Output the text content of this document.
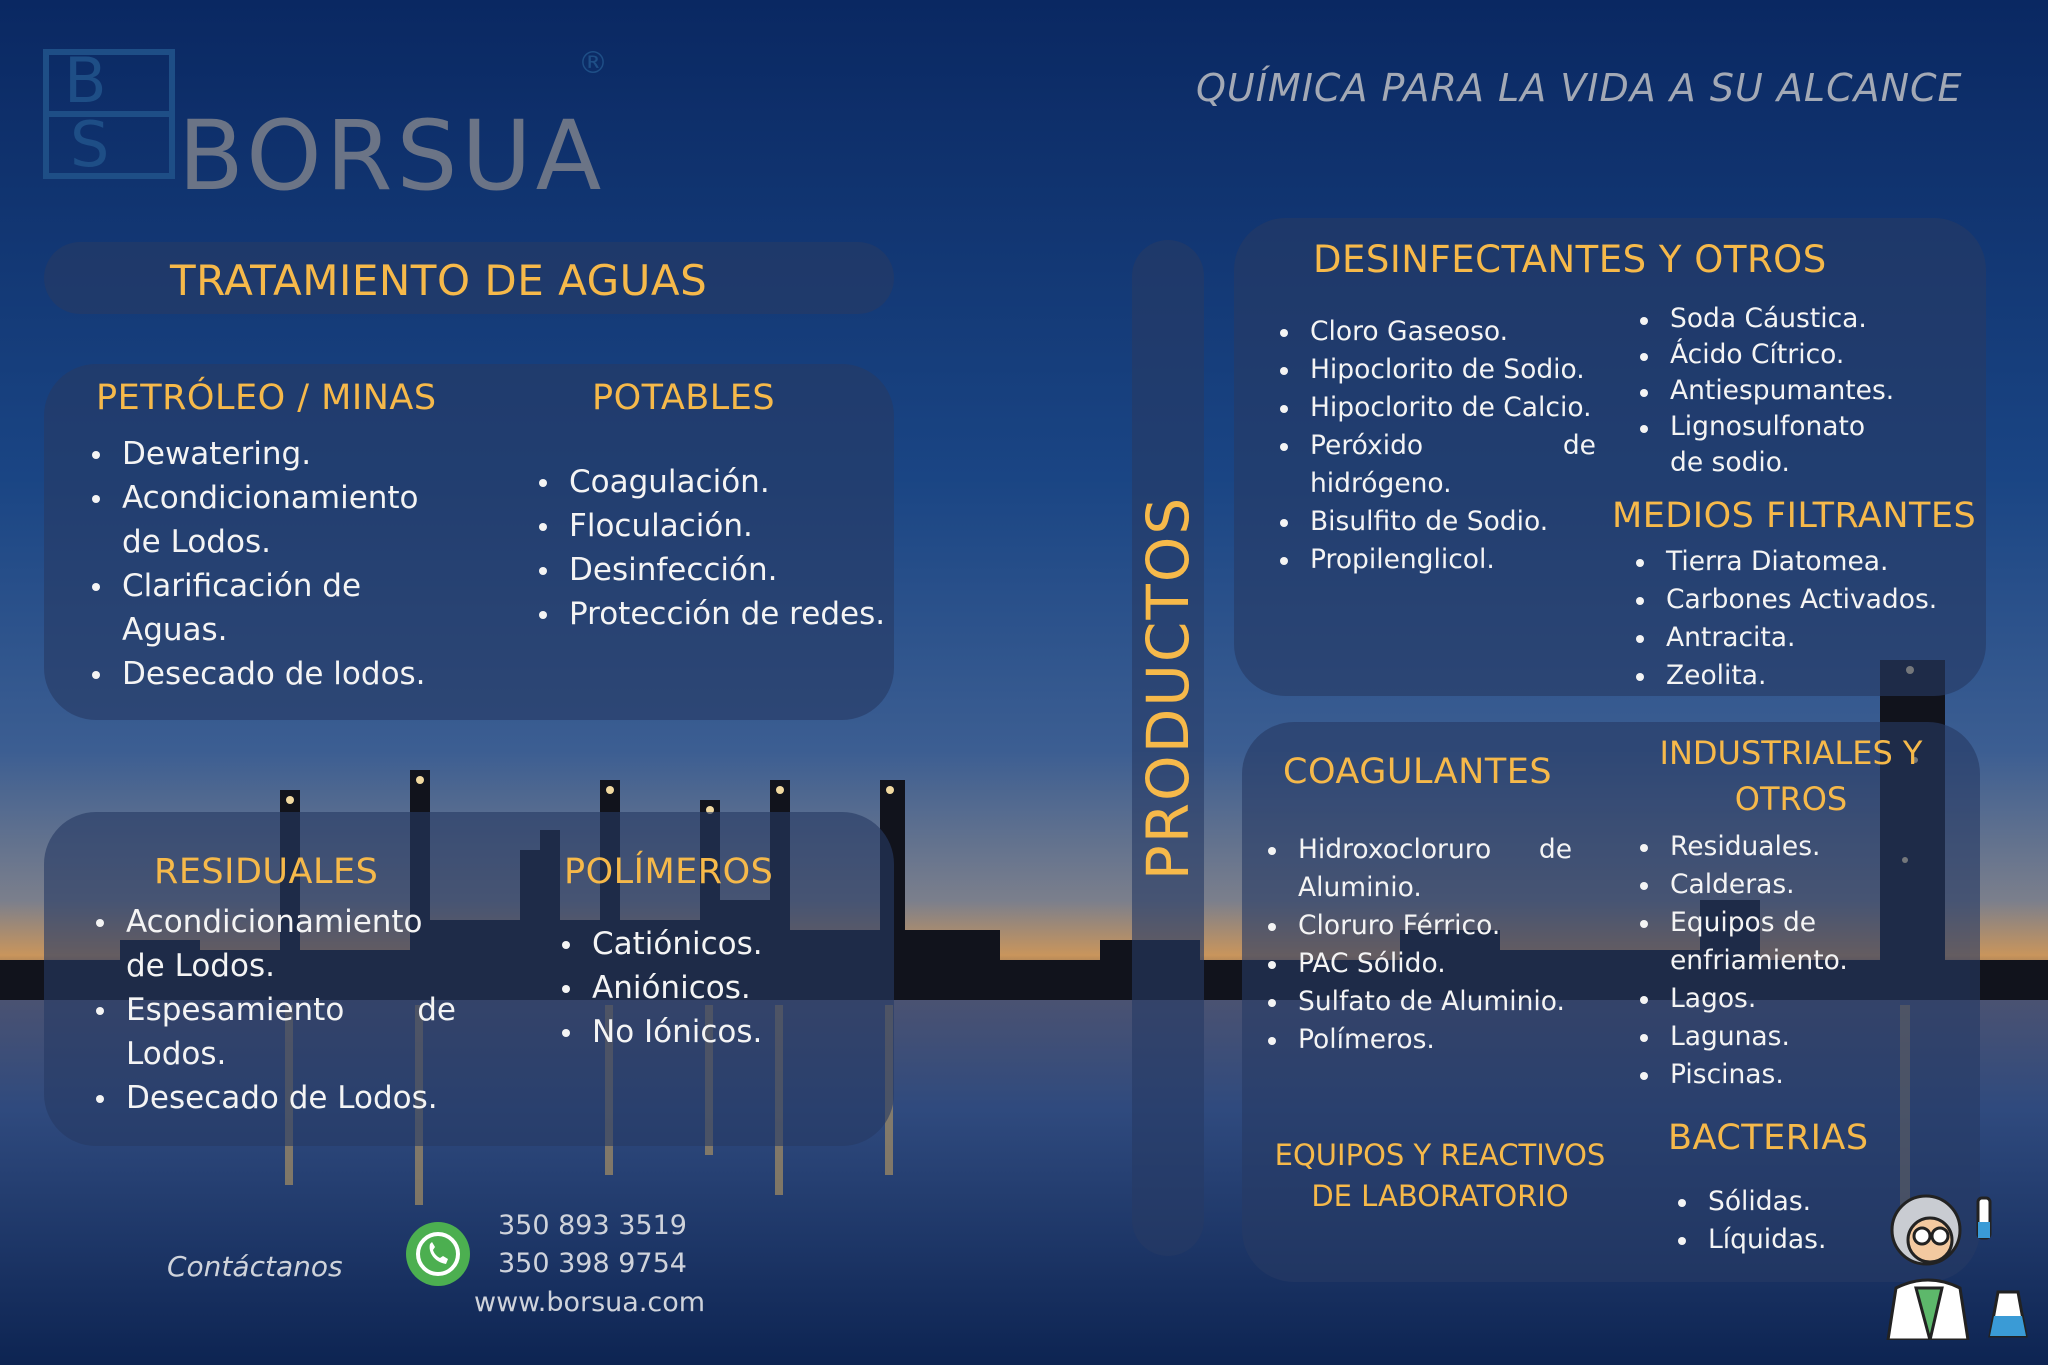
B
S BORSUA
®
QUÍMICA PARA LA VIDA A SU ALCANCE
TRATAMIENTO DE AGUAS
PETRÓLEO / MINAS
Dewatering.
Acondicionamiento de Lodos.
Clarificación de Aguas.
Desecado de lodos.
POTABLES
Coagulación.
Floculación.
Desinfección.
Protección de redes.
RESIDUALES
Acondicionamiento de Lodos.
Espesamiento de Lodos.
Desecado de Lodos.
POLÍMEROS
Catiónicos.
Aniónicos.
No Iónicos.
PRODUCTOS
DESINFECTANTES Y OTROS
Cloro Gaseoso.
Hipoclorito de Sodio.
Hipoclorito de Calcio.
Peróxido de hidrógeno.
Bisulfito de Sodio.
Propilenglicol.
Soda Cáustica.
Ácido Cítrico.
Antiespumantes.
Lignosulfonato de sodio.
MEDIOS FILTRANTES
Tierra Diatomea.
Carbones Activados.
Antracita.
Zeolita.
COAGULANTES
Hidroxocloruro de Aluminio.
Cloruro Férrico.
PAC Sólido.
Sulfato de Aluminio.
Polímeros.
INDUSTRIALES Y OTROS
Residuales.
Calderas.
Equipos de enfriamiento.
Lagos.
Lagunas.
Piscinas.
EQUIPOS Y REACTIVOS DE LABORATORIO
BACTERIAS
Sólidas.
Líquidas.
Contáctanos
350 893 3519
350 398 9754
www.borsua.com
